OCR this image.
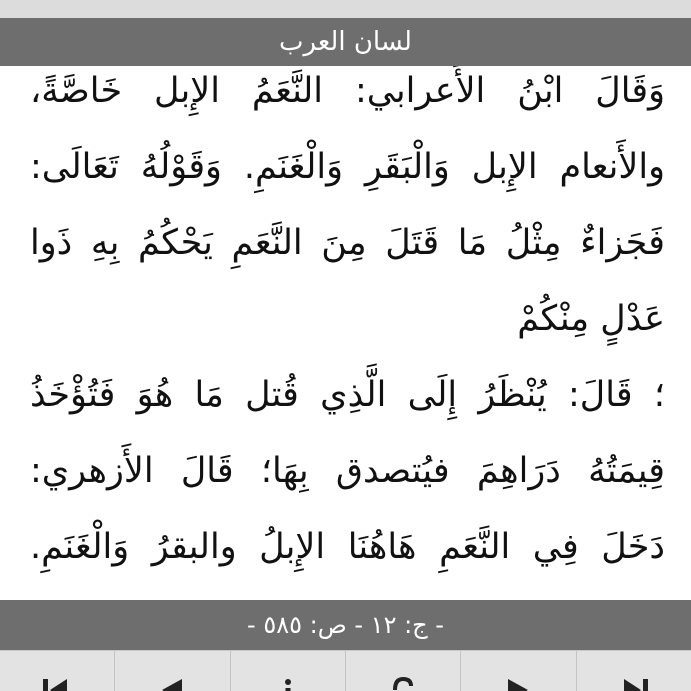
لسان العرب
وَقَالَ ابْنُ الأَعرابي: النَّعَمُ الإِبل خَاصَّةً،
والأَنعام الإِبل وَالْبَقَرِ وَالْغَنَمِ. وَقَوْلُهُ تَعَالَى:
فَجَزاءٌ مِثْلُ مَا قَتَلَ مِنَ النَّعَمِ يَحْكُمُ بِهِ ذَوا
عَدْلٍ مِنْكُمْ
؛ قَالَ: يُنْظَرُ إِلَى الَّذِي قُتل مَا هُوَ فَتُؤْخَذُ
قِيمَتُهُ دَرَاهِمَ فيُتصدق بِهَا؛ قَالَ الأَزهري:
دَخَلَ فِي النَّعَمِ هَاهُنَا الإِبلُ والبقرُ وَالْغَنَمِ.
- ج: ١٢ - ص: ٥٨٥ -
